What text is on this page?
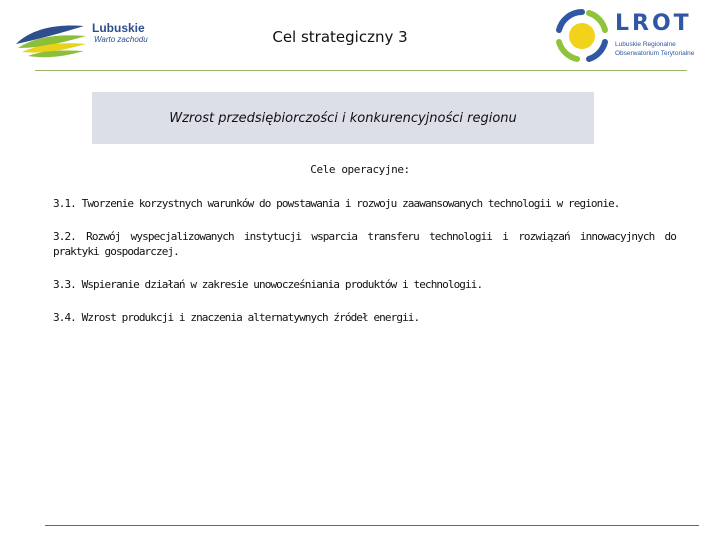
Lubuskie
Warto zachodu	Cel strategiczny 3
LROT
Lubuskie Regionalne
Obserwatorium Terytorialne
Wzrost przedsiębiorczości i konkurencyjności regionu
Cele operacyjne:

3.1. Tworzenie korzystnych warunków do powstawania i rozwoju zaawansowanych technologii w regionie.

3.2. Rozwój wyspecjalizowanych instytucji wsparcia transferu technologii i rozwiązań innowacyjnych do praktyki gospodarczej.

3.3. Wspieranie działań w zakresie unowocześniania produktów i technologii.

3.4. Wzrost produkcji i znaczenia alternatywnych źródeł energii.
